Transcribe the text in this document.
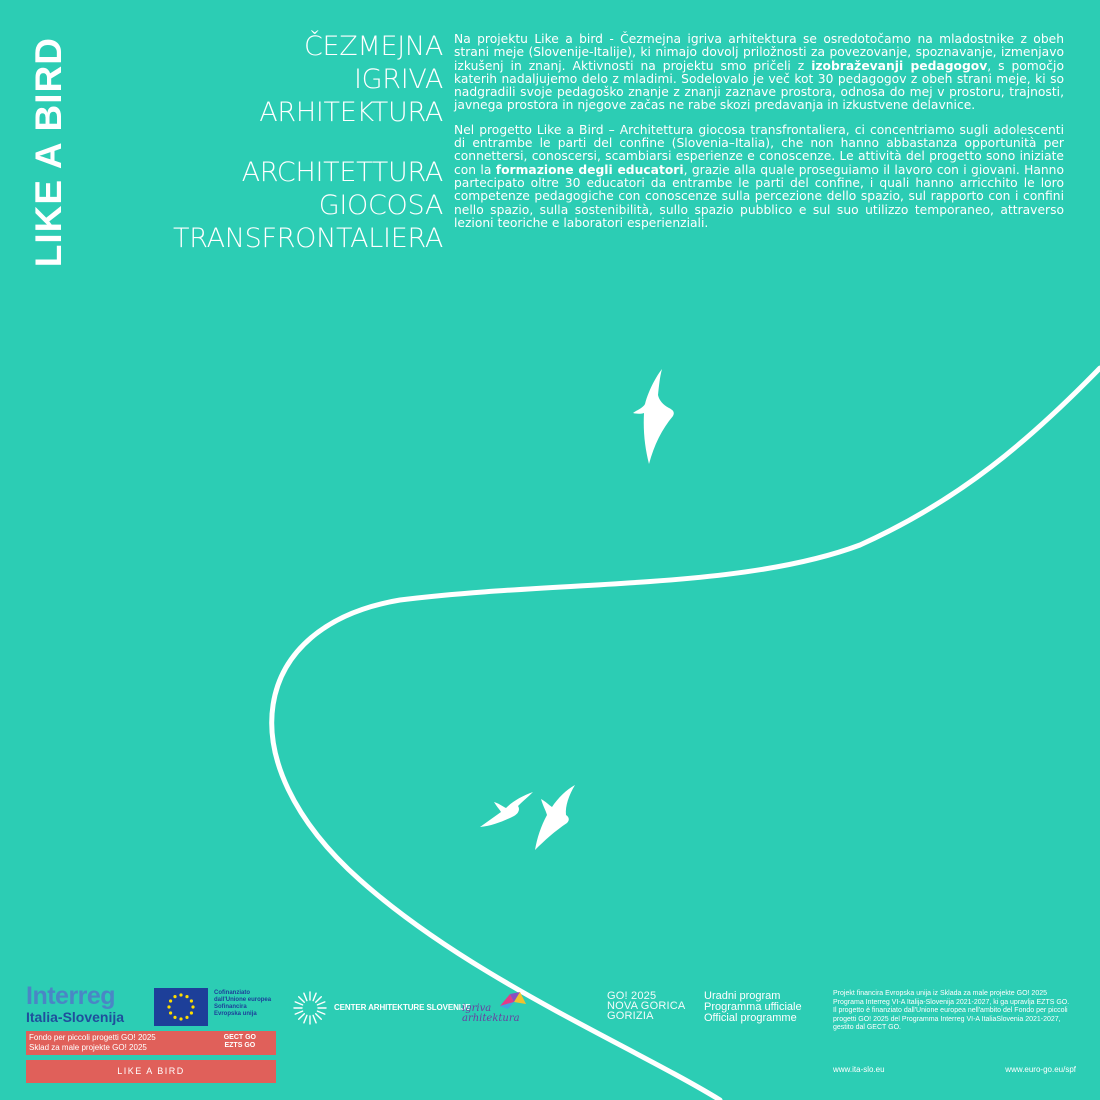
LIKE A BIRD	ČEZMEJNA

IGRIVA

ARHITEKTURA

ARCHITETTURA

GIOCOSA

TRANSFRONTALIERA

Na projektu Like a bird - Čezmejna igriva arhitektura se osredotočamo na mladostnike z obeh strani meje (Slovenije-Italije), ki nimajo dovolj priložnosti za povezovanje, spoznavanje, izmenjavo izkušenj in znanj. Aktivnosti na projektu smo pričeli z izobraževanji pedagogov, s pomočjo katerih nadaljujemo delo z mladimi. Sodelovalo je več kot 30 pedagogov z obeh strani meje, ki so nadgradili svoje pedagoško znanje z znanji zaznave prostora, odnosa do mej v prostoru, trajnosti, javnega prostora in njegove začas ne rabe skozi predavanja in izkustvene delavnice.

Nel progetto Like a Bird – Architettura giocosa transfrontaliera, ci concentriamo sugli adolescenti di entrambe le parti del confine (Slovenia–Italia), che non hanno abbastanza opportunità per connettersi, conoscersi, scambiarsi esperienze e conoscenze. Le attività del progetto sono iniziate con la formazione degli educatori, grazie alla quale proseguiamo il lavoro con i giovani. Hanno partecipato oltre 30 educatori da entrambe le parti del confine, i quali hanno arricchito le loro competenze pedagogiche con conoscenze sulla percezione dello spazio, sul rapporto con i confini nello spazio, sulla sostenibilità, sullo spazio pubblico e sul suo utilizzo temporaneo, attraverso lezioni teoriche e laboratori esperienziali.

Interreg
Italia-Slovenija
Cofinanziato
dall'Unione europea
Sofinancira
Evropska unija
Fondo per piccoli progetti GO! 2025
Sklad za male projekte GO! 2025
GECT GO
EZTS GO
LIKE A BIRD
CENTER ARHITEKTURE SLOVENIJE
igriva
arhitektura
GO! 2025
NOVA GORICA
GORIZIA
Uradni program
Programma ufficiale
Official programme

Projekt financira Evropska unija iz Sklada za male projekte GO! 2025 Programa Interreg VI-A Italija-Slovenija 2021-2027, ki ga upravlja EZTS GO.

Il progetto è finanziato dall'Unione europea nell'ambito del Fondo per piccoli progetti GO! 2025 del Programma Interreg VI-A ItaliaSlovenia 2021-2027, gestito dal GECT GO.

www.ita-slo.eu	www.euro-go.eu/spf
